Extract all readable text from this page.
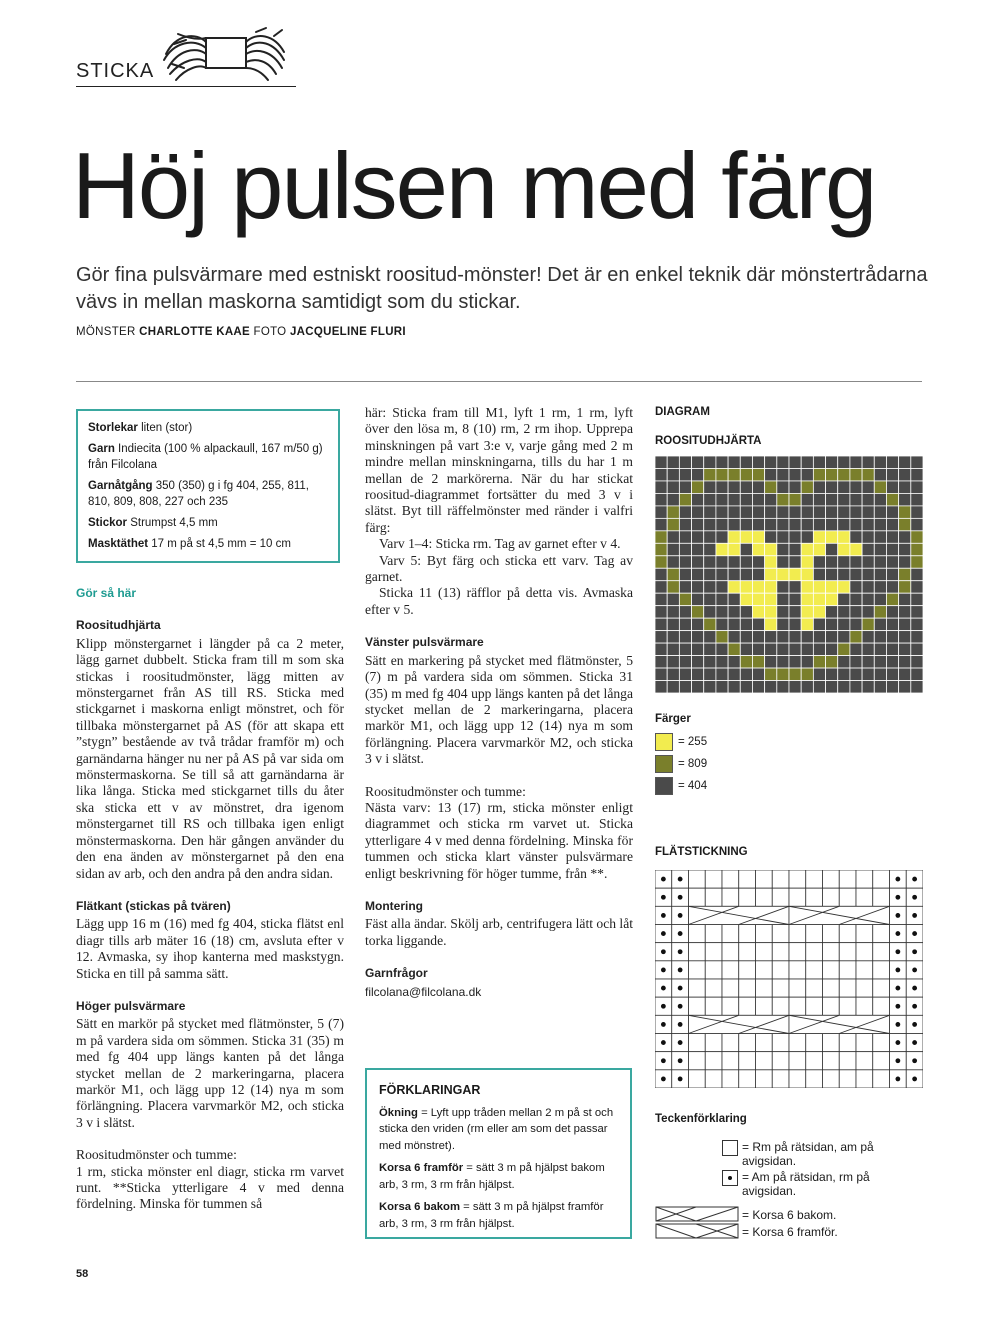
STICKA
Höj pulsen med färg
Gör fina pulsvärmare med estniskt roositud-mönster! Det är en enkel teknik där mönstertrådarna vävs in mellan maskorna samtidigt som du stickar.
MÖNSTER CHARLOTTE KAAE FOTO JACQUELINE FLURI

Storlekar liten (stor)

Garn Indiecita (100 % alpackaull, 167 m/50 g) från Filcolana

Garnåtgång 350 (350) g i fg 404, 255, 811, 810, 809, 808, 227 och 235

Stickor Strumpst 4,5 mm

Masktäthet 17 m på st 4,5 mm = 10 cm

Gör så här
Roositudhjärta

Klipp mönstergarnet i längder på ca 2 meter, lägg garnet dubbelt. Sticka fram till m som ska stickas i roositudmönster, lägg mitten av mönstergarnet från AS till RS. Sticka med stickgarnet i maskorna enligt mönstret, och för tillbaka mönstergarnet på AS (för att skapa ett ”stygn” bestående av två trådar framför m) och garnändarna hänger nu ner på AS på var sida om mönstermaskorna. Se till så att garnändarna är lika långa. Sticka med stickgarnet tills du åter ska sticka ett v av mönstret, dra igenom mönstergarnet till RS och tillbaka igen enligt mönstermaskorna. Den här gången använder du den ena änden av mönstergarnet på den ena sidan av arb, och den andra på den andra sidan.

Flätkant (stickas på tvären)

Lägg upp 16 m (16) med fg 404, sticka flätst enl diagr tills arb mäter 16 (18) cm, avsluta efter v 12. Avmaska, sy ihop kanterna med maskstygn. Sticka en till på samma sätt.

Höger pulsvärmare

Sätt en markör på stycket med flätmönster, 5 (7) m på vardera sida om sömmen. Sticka 31 (35) m med fg 404 upp längs kanten på det långa stycket mellan de 2 markeringarna, placera markör M1, och lägg upp 12 (14) nya m som förlängning. Placera varvmarkör M2, och sticka 3 v i slätst.

Roositudmönster och tumme:

1 rm, sticka mönster enl diagr, sticka rm varvet runt. **Sticka ytterligare 4 v med denna fördelning. Minska för tummen så

här: Sticka fram till M1, lyft 1 rm, 1 rm, lyft över den lösa m, 8 (10) rm, 2 rm ihop. Upprepa minskningen på vart 3:e v, varje gång med 2 m mindre mellan minskningarna, tills du har 1 m mellan de 2 markörerna. När du har stickat roositud-diagrammet fortsätter du med 3 v i slätst. Byt till räffelmönster med ränder i valfri färg:

Varv 1–4: Sticka rm. Tag av garnet efter v 4.

Varv 5: Byt färg och sticka ett varv. Tag av garnet.

Sticka 11 (13) räfflor på detta vis. Avmaska efter v 5.

Vänster pulsvärmare

Sätt en markering på stycket med flätmönster, 5 (7) m på vardera sida om sömmen. Sticka 31 (35) m med fg 404 upp längs kanten på det långa stycket mellan de 2 markeringarna, placera markör M1, och lägg upp 12 (14) nya m som förlängning. Placera varvmarkör M2, och sticka 3 v i slätst.

Roositudmönster och tumme:

Nästa varv: 13 (17) rm, sticka mönster enligt diagrammet och sticka rm varvet ut. Sticka ytterligare 4 v med denna fördelning. Minska för tummen och sticka klart vänster pulsvärmare enligt beskrivning för höger tumme, från **.

Montering

Fäst alla ändar. Skölj arb, centrifugera lätt och låt torka liggande.

Garnfrågor

filcolana@filcolana.dk

FÖRKLARINGAR

Ökning = Lyft upp tråden mellan 2 m på st och sticka den vriden (rm eller am som det passar med mönstret).

Korsa 6 framför = sätt 3 m på hjälpst bakom arb, 3 rm, 3 rm från hjälpst.

Korsa 6 bakom = sätt 3 m på hjälpst framför arb, 3 rm, 3 rm från hjälpst.

DIAGRAM
ROOSITUDHJÄRTA
Färger
= 255
= 809
= 404
FLÄTSTICKNING
Teckenförklaring
= Rm på rätsidan, am på avigsidan.
= Am på rätsidan, rm på avigsidan.
= Korsa 6 bakom.
= Korsa 6 framför.
58
